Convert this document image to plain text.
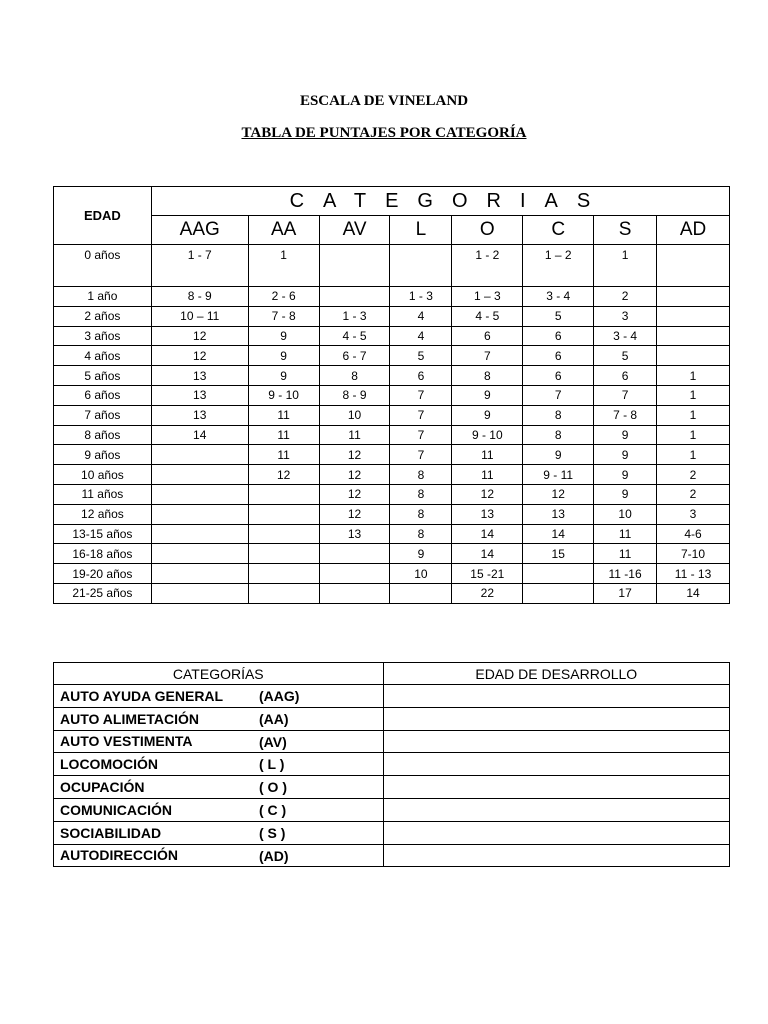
ESCALA DE VINELAND
TABLA DE PUNTAJES POR CATEGORÍA
EDAD	CATEGORIAS							
	AAG	AA	AV	L	O	C	S	AD
0 años	1 - 7	1			1 - 2	1 – 2	1	
1 año	8 - 9	2 - 6		1 - 3	1 – 3	3 - 4	2	
2 años	10 – 11	7 - 8	1 - 3	4	4 - 5	5	3	
3 años	12	9	4 - 5	4	6	6	3 - 4	
4 años	12	9	6 - 7	5	7	6	5	
5 años	13	9	8	6	8	6	6	1
6 años	13	9 - 10	8 - 9	7	9	7	7	1
7 años	13	11	10	7	9	8	7 - 8	1
8 años	14	11	11	7	9 - 10	8	9	1
9 años		11	12	7	11	9	9	1
10 años		12	12	8	11	9 - 11	9	2
11 años			12	8	12	12	9	2
12 años			12	8	13	13	10	3
13-15 años			13	8	14	14	11	4-6
16-18 años				9	14	15	11	7-10
19-20 años				10	15 -21		11 -16	11 - 13
21-25 años					22		17	14
CATEGORÍAS	EDAD DE DESARROLLO
AUTO AYUDA GENERAL (AAG)	

AUTO ALIMETACIÓN (AA)	

AUTO VESTIMENTA (AV)	

LOCOMOCIÓN ( L )	

OCUPACIÓN ( O )	

COMUNICACIÓN ( C )	

SOCIABILIDAD ( S )	

AUTODIRECCIÓN (AD)	
